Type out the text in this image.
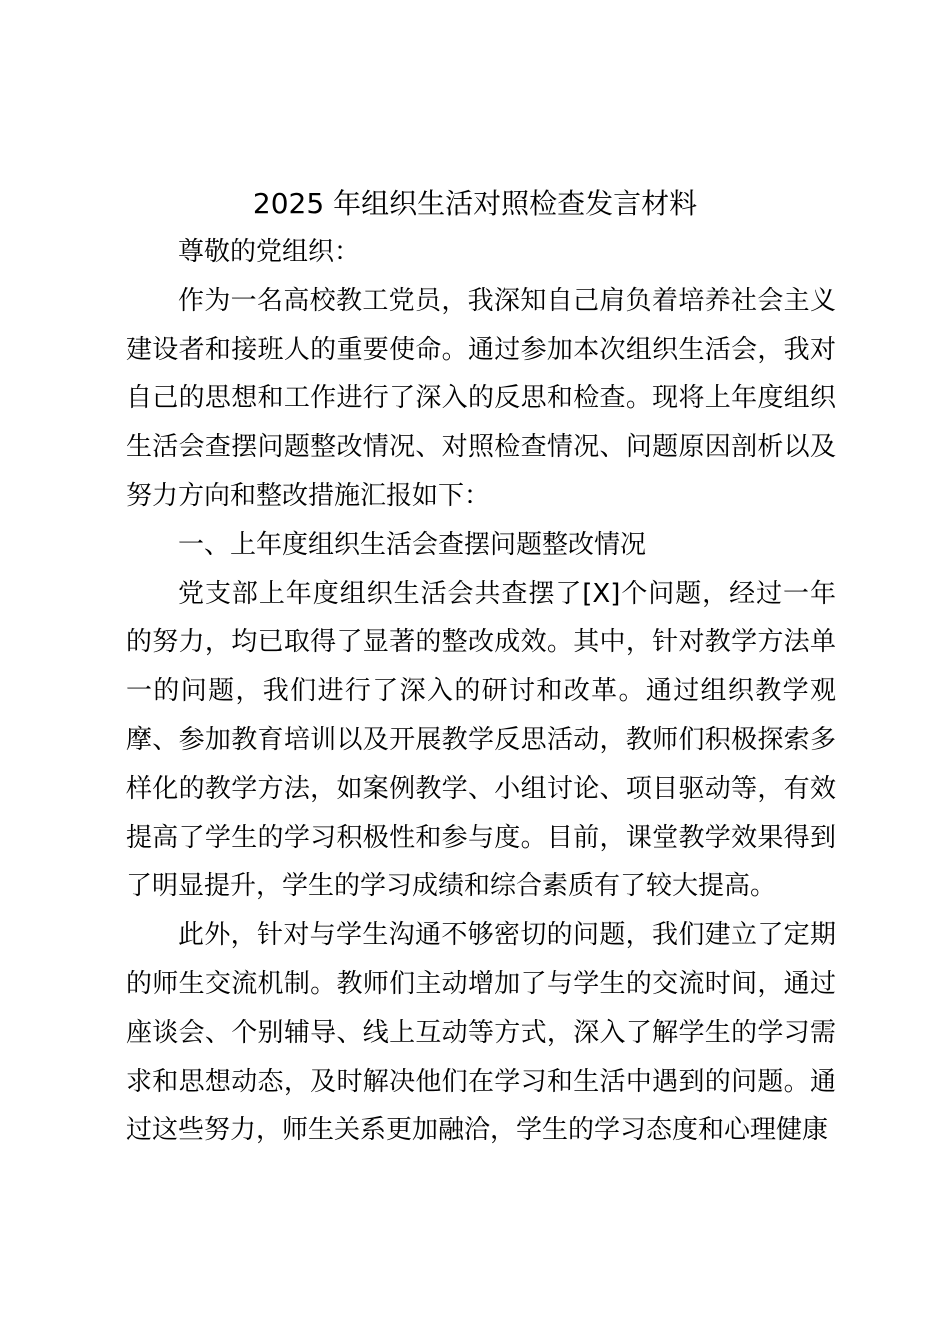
2025 年组织生活对照检查发言材料

尊敬的党组织：

作为一名高校教工党员，我深知自己肩负着培养社会主义建设者和接班人的重要使命。通过参加本次组织生活会，我对自己的思想和工作进行了深入的反思和检查。现将上年度组织生活会查摆问题整改情况、对照检查情况、问题原因剖析以及努力方向和整改措施汇报如下：

一、上年度组织生活会查摆问题整改情况

党支部上年度组织生活会共查摆了[X]个问题，经过一年的努力，均已取得了显著的整改成效。其中，针对教学方法单一的问题，我们进行了深入的研讨和改革。通过组织教学观摩、参加教育培训以及开展教学反思活动，教师们积极探索多样化的教学方法，如案例教学、小组讨论、项目驱动等，有效提高了学生的学习积极性和参与度。目前，课堂教学效果得到了明显提升，学生的学习成绩和综合素质有了较大提高。

此外，针对与学生沟通不够密切的问题，我们建立了定期的师生交流机制。教师们主动增加了与学生的交流时间，通过座谈会、个别辅导、线上互动等方式，深入了解学生的学习需求和思想动态，及时解决他们在学习和生活中遇到的问题。通过这些努力，师生关系更加融洽，学生的学习态度和心理健康
